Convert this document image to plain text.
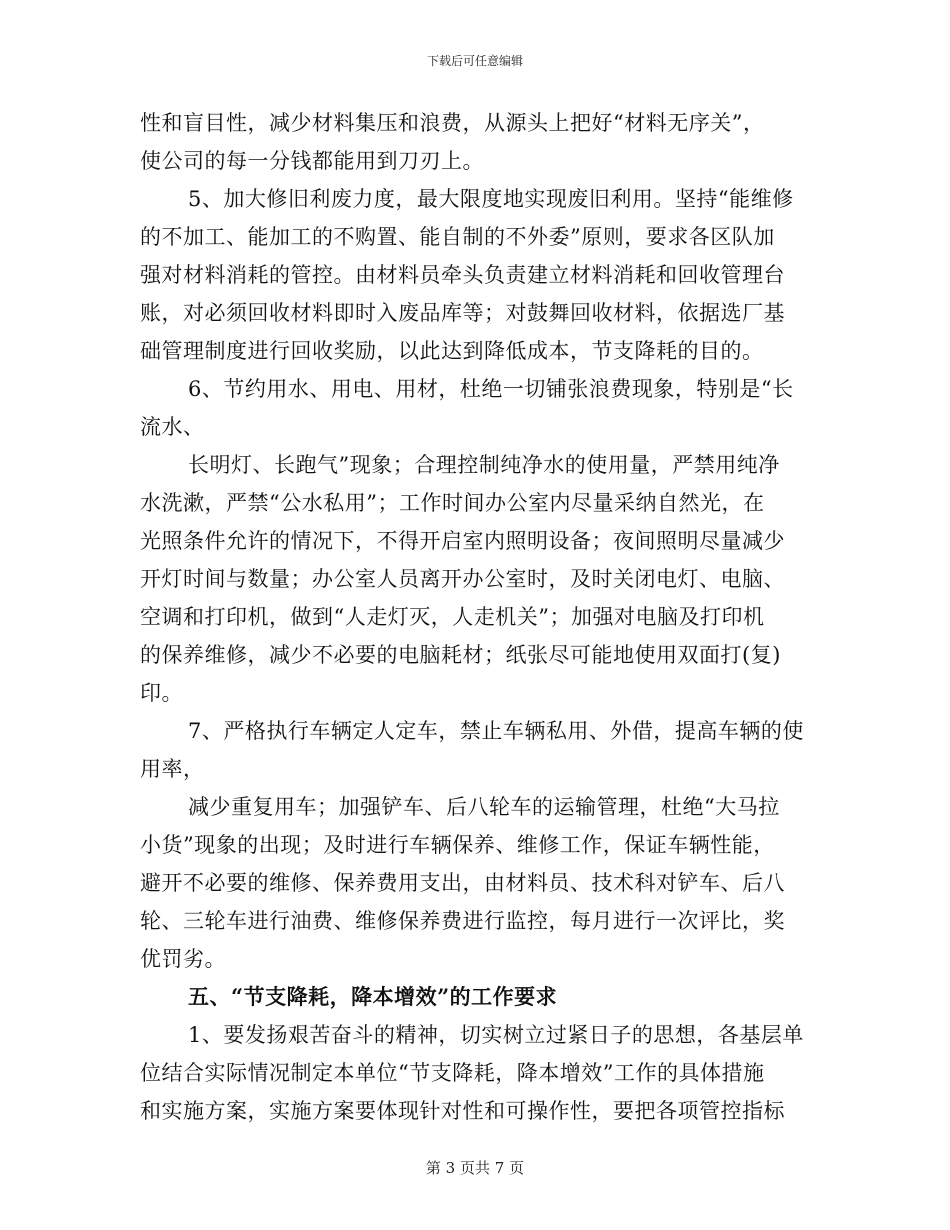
下载后可任意编辑
性和盲目性，减少材料集压和浪费，从源头上把好“材料无序关”，
使公司的每一分钱都能用到刀刃上。
5、加大修旧利废力度，最大限度地实现废旧利用。坚持“能维修
的不加工、能加工的不购置、能自制的不外委”原则，要求各区队加
强对材料消耗的管控。由材料员牵头负责建立材料消耗和回收管理台
账，对必须回收材料即时入废品库等；对鼓舞回收材料，依据选厂基
础管理制度进行回收奖励，以此达到降低成本，节支降耗的目的。
6、节约用水、用电、用材，杜绝一切铺张浪费现象，特别是“长
流水、
长明灯、长跑气”现象；合理控制纯净水的使用量，严禁用纯净
水洗漱，严禁“公水私用”；工作时间办公室内尽量采纳自然光，在
光照条件允许的情况下，不得开启室内照明设备；夜间照明尽量减少
开灯时间与数量；办公室人员离开办公室时，及时关闭电灯、电脑、
空调和打印机，做到“人走灯灭，人走机关”；加强对电脑及打印机
的保养维修，减少不必要的电脑耗材；纸张尽可能地使用双面打(复)
印。
7、严格执行车辆定人定车，禁止车辆私用、外借，提高车辆的使
用率，
减少重复用车；加强铲车、后八轮车的运输管理，杜绝“大马拉
小货”现象的出现；及时进行车辆保养、维修工作，保证车辆性能，
避开不必要的维修、保养费用支出，由材料员、技术科对铲车、后八
轮、三轮车进行油费、维修保养费进行监控，每月进行一次评比，奖
优罚劣。
五、“节支降耗，降本增效”的工作要求
1、要发扬艰苦奋斗的精神，切实树立过紧日子的思想，各基层单
位结合实际情况制定本单位“节支降耗，降本增效”工作的具体措施
和实施方案，实施方案要体现针对性和可操作性，要把各项管控指标
第 3 页共 7 页
